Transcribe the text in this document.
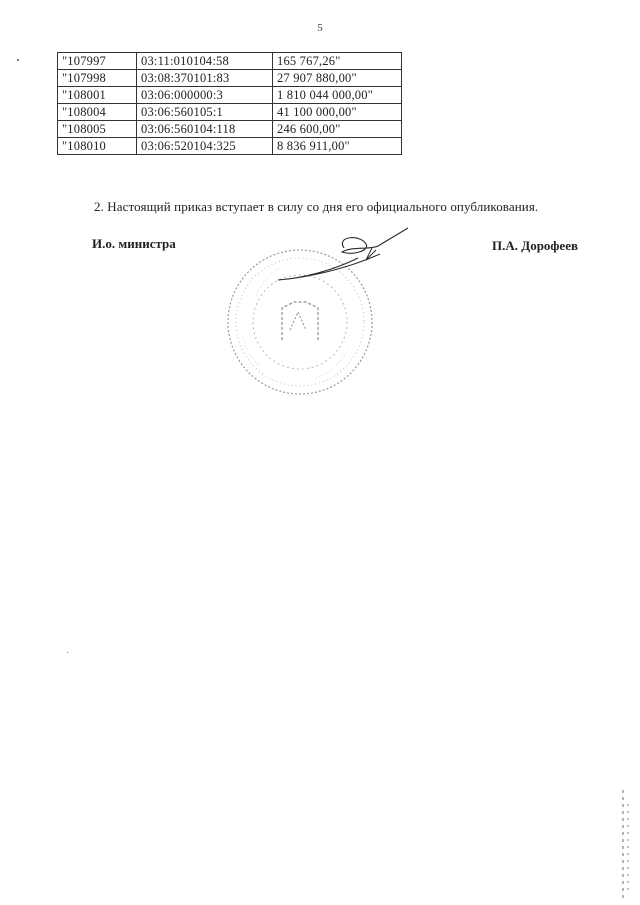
5
"107997	03:11:010104:58	165 767,26"
"107998	03:08:370101:83	27 907 880,00"
"108001	03:06:000000:3	1 810 044 000,00"
"108004	03:06:560105:1	41 100 000,00"
"108005	03:06:560104:118	246 600,00"
"108010	03:06:520104:325	8 836 911,00"
2. Настоящий приказ вступает в силу со дня его официального опубликования.
И.о. министра	П.А. Дорофеев
